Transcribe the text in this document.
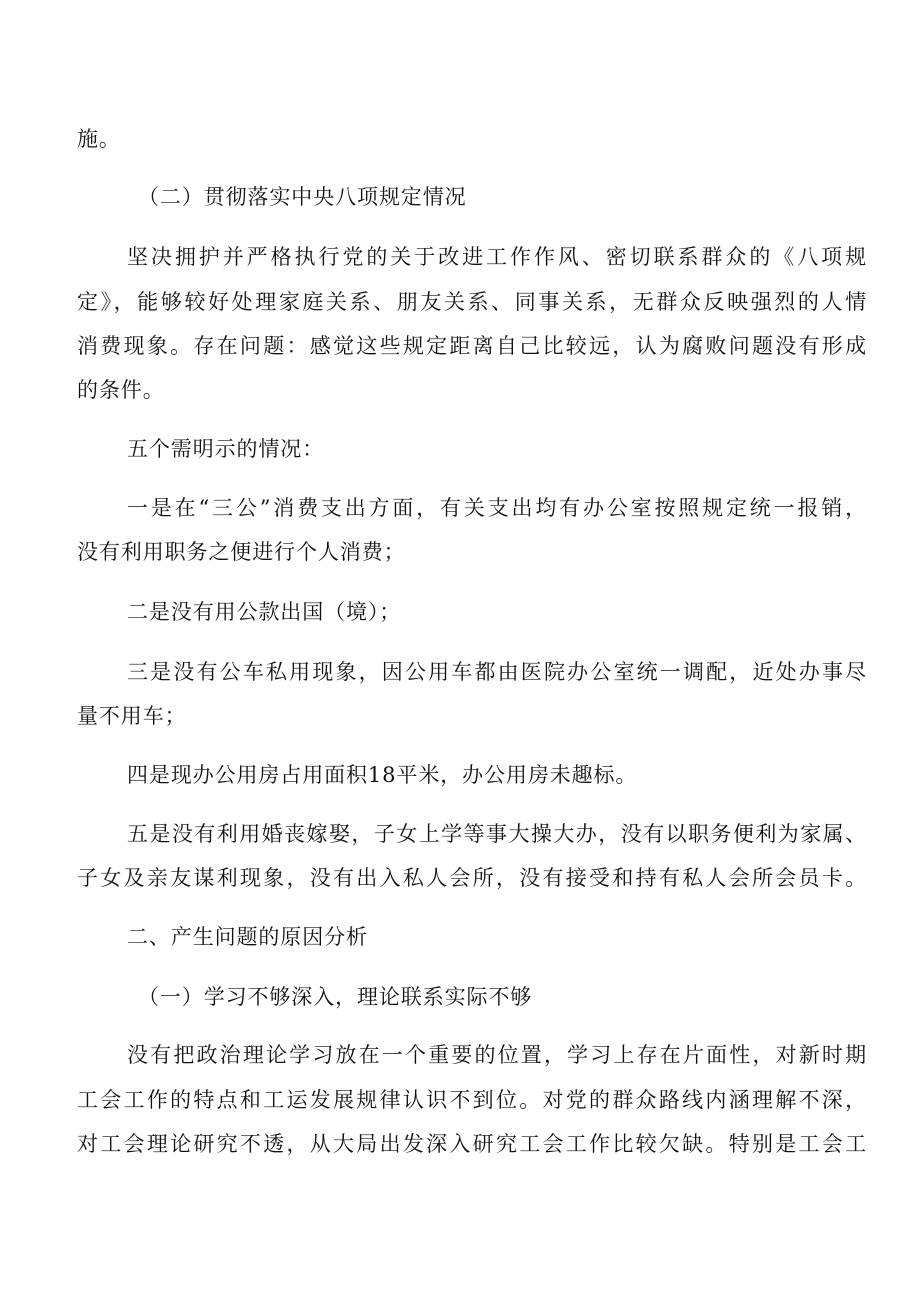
施。
（二）贯彻落实中央八项规定情况
坚决拥护并严格执行党的关于改进工作作风、密切联系群众的《八项规
定》，能够较好处理家庭关系、朋友关系、同事关系，无群众反映强烈的人情
消费现象。存在问题：感觉这些规定距离自己比较远，认为腐败问题没有形成
的条件。
五个需明示的情况：
一是在“三公”消费支出方面，有关支出均有办公室按照规定统一报销，
没有利用职务之便进行个人消费；
二是没有用公款出国（境）；
三是没有公车私用现象，因公用车都由医院办公室统一调配，近处办事尽
量不用车；
四是现办公用房占用面积18平米，办公用房未趣标。
五是没有利用婚丧嫁娶，子女上学等事大操大办，没有以职务便利为家属、
子女及亲友谋利现象，没有出入私人会所，没有接受和持有私人会所会员卡。
二、产生问题的原因分析
（一）学习不够深入，理论联系实际不够
没有把政治理论学习放在一个重要的位置，学习上存在片面性，对新时期
工会工作的特点和工运发展规律认识不到位。对党的群众路线内涵理解不深，
对工会理论研究不透，从大局出发深入研究工会工作比较欠缺。特别是工会工
